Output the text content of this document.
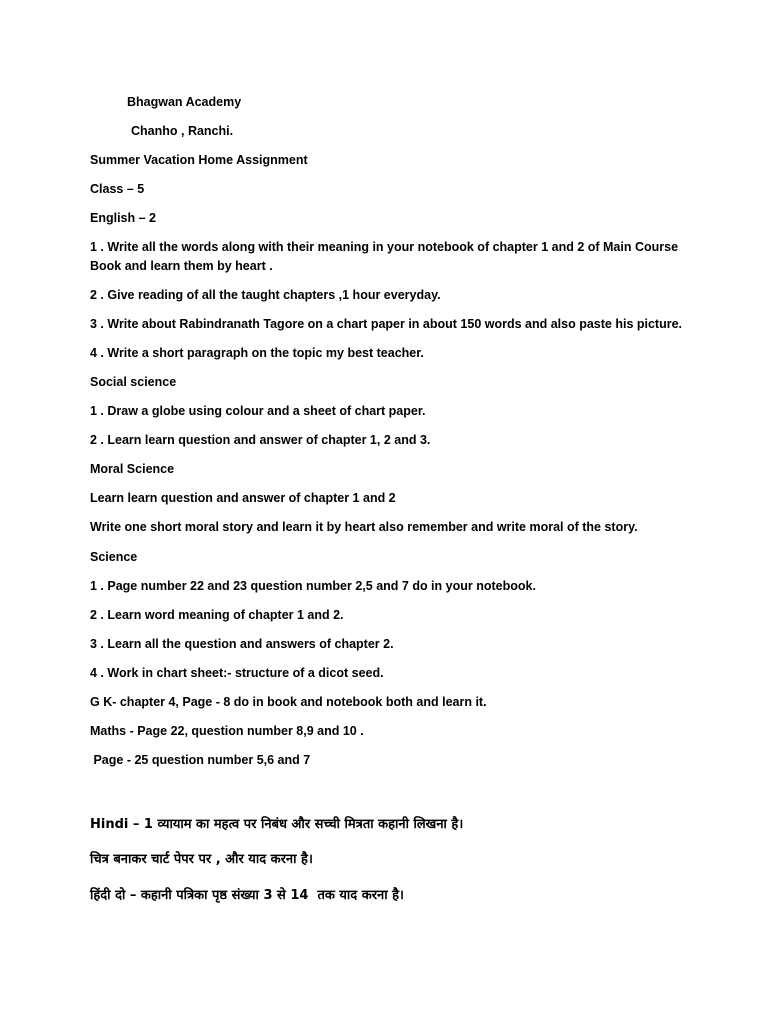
Bhagwan Academy
Chanho , Ranchi.
Summer Vacation Home Assignment
Class – 5
English – 2
1 . Write all the words along with their meaning in your notebook of chapter 1 and 2 of Main Course Book and learn them by heart .
2 . Give reading of all the taught chapters ,1 hour everyday.
3 . Write about Rabindranath Tagore on a chart paper in about 150 words and also paste his picture.
4 . Write a short paragraph on the topic my best teacher.
Social science
1 . Draw a globe using colour and a sheet of chart paper.
2 . Learn learn question and answer of chapter 1, 2 and 3.
Moral Science
Learn learn question and answer of chapter 1 and 2
Write one short moral story and learn it by heart also remember and write moral of the story.
Science
1 . Page number 22 and 23 question number 2,5 and 7 do in your notebook.
2 . Learn word meaning of chapter 1 and 2.
3 . Learn all the question and answers of chapter 2.
4 . Work in chart sheet:- structure of a dicot seed.
G K- chapter 4, Page - 8 do in book and notebook both and learn it.
Maths - Page 22, question number 8,9 and 10 .
Page - 25 question number 5,6 and 7
Hindi – 1 व्यायाम का महत्व पर निबंध और सच्ची मित्रता कहानी लिखना है।
चित्र बनाकर चार्ट पेपर पर , और याद करना है।
हिंदी दो – कहानी पत्रिका पृष्ठ संख्या 3 से 14  तक याद करना है।
